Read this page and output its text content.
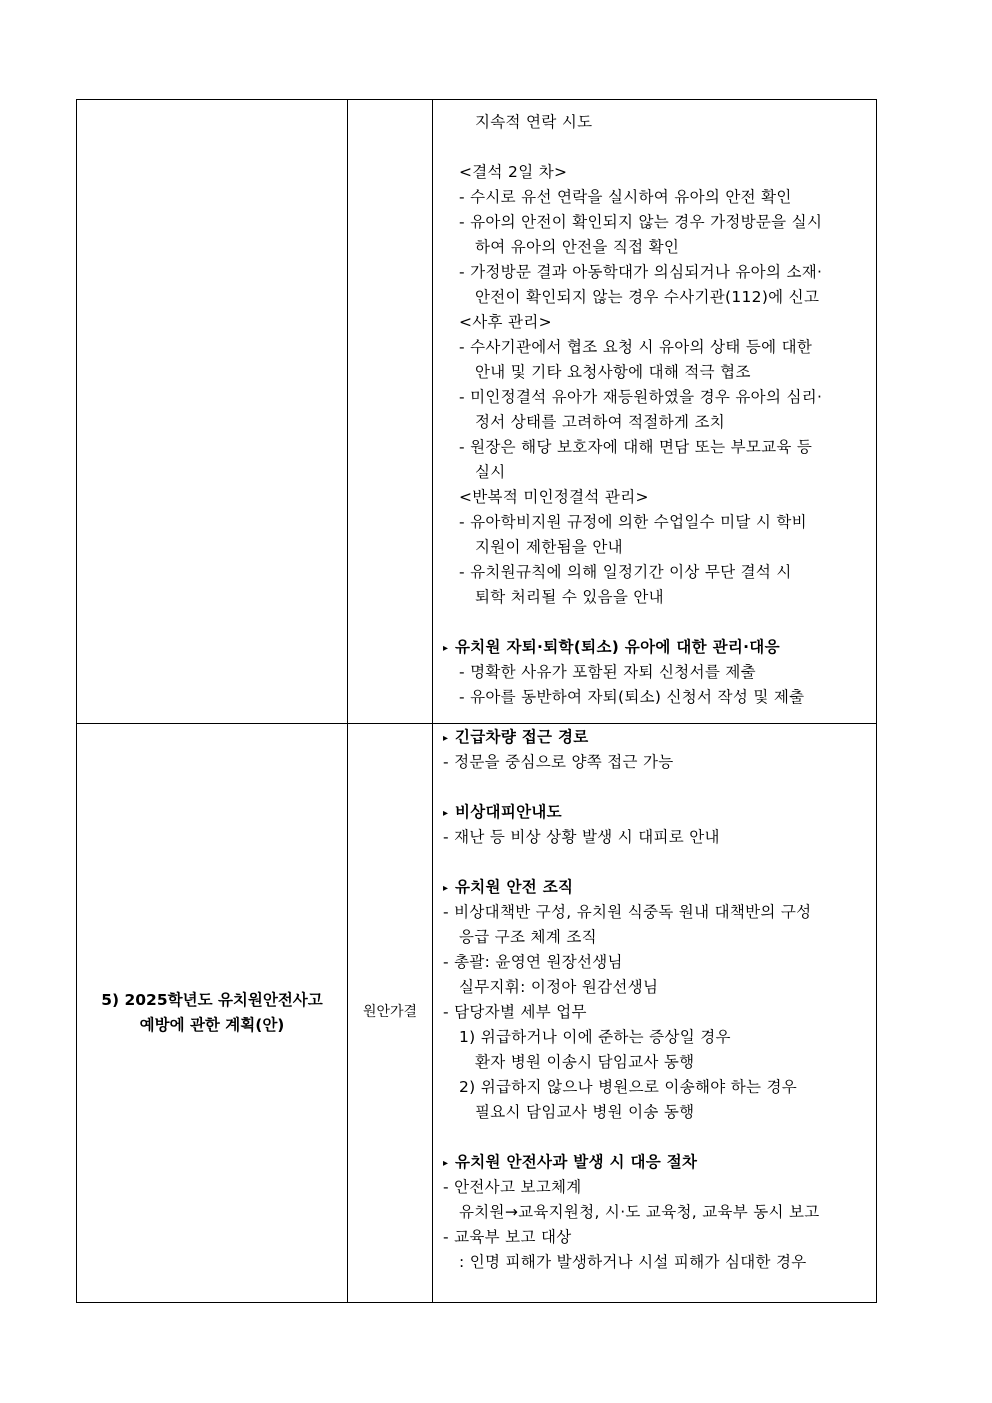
지속적 연락 시도
<결석 2일 차>
- 수시로 유선 연락을 실시하여 유아의 안전 확인
- 유아의 안전이 확인되지 않는 경우 가정방문을 실시
하여 유아의 안전을 직접 확인
- 가정방문 결과 아동학대가 의심되거나 유아의 소재·
안전이 확인되지 않는 경우 수사기관(112)에 신고
<사후 관리>
- 수사기관에서 협조 요청 시 유아의 상태 등에 대한
안내 및 기타 요청사항에 대해 적극 협조
- 미인정결석 유아가 재등원하였을 경우 유아의 심리·
정서 상태를 고려하여 적절하게 조치
- 원장은 해당 보호자에 대해 면담 또는 부모교육 등
실시
<반복적 미인정결석 관리>
- 유아학비지원 규정에 의한 수업일수 미달 시 학비
지원이 제한됨을 안내
- 유치원규칙에 의해 일정기간 이상 무단 결석 시
퇴학 처리될 수 있음을 안내
▸ 유치원 자퇴·퇴학(퇴소) 유아에 대한 관리·대응
- 명확한 사유가 포함된 자퇴 신청서를 제출
- 유아를 동반하여 자퇴(퇴소) 신청서 작성 및 제출
5) 2025학년도 유치원안전사고
예방에 관한 계획(안)
원안가결
▸ 긴급차량 접근 경로
- 정문을 중심으로 양쪽 접근 가능
▸ 비상대피안내도
- 재난 등 비상 상황 발생 시 대피로 안내
▸ 유치원 안전 조직
- 비상대책반 구성, 유치원 식중독 원내 대책반의 구성
응급 구조 체계 조직
- 총괄: 윤영연 원장선생님
실무지휘: 이정아 원감선생님
- 담당자별 세부 업무
1) 위급하거나 이에 준하는 증상일 경우
환자 병원 이송시 담임교사 동행
2) 위급하지 않으나 병원으로 이송해야 하는 경우
필요시 담임교사 병원 이송 동행
▸ 유치원 안전사과 발생 시 대응 절차
- 안전사고 보고체계
유치원→교육지원청, 시·도 교육청, 교육부 동시 보고
- 교육부 보고 대상
: 인명 피해가 발생하거나 시설 피해가 심대한 경우
